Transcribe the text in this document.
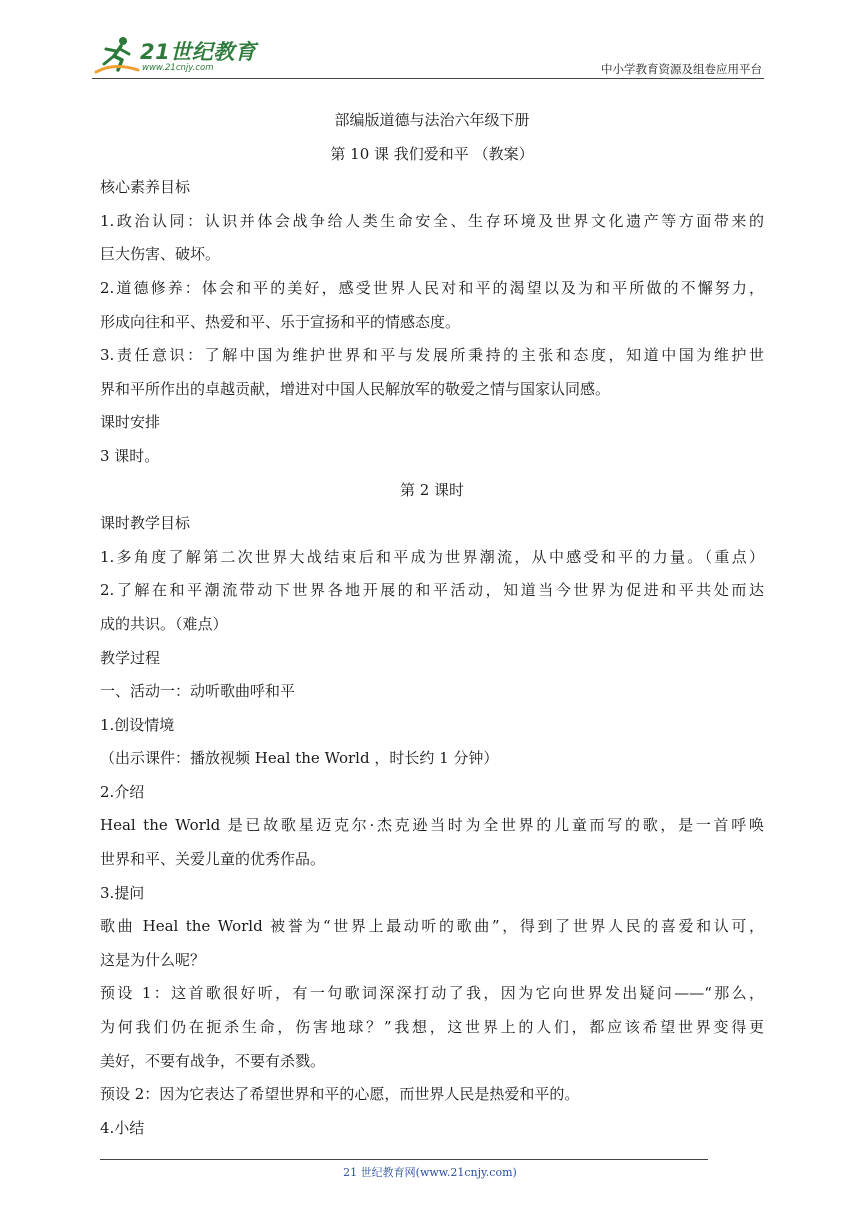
21世纪教育
www.21cnjy.com	中小学教育资源及组卷应用平台
部编版道德与法治六年级下册
第 10 课 我们爱和平 （教案）
核心素养目标
1.政治认同：认识并体会战争给人类生命安全、生存环境及世界文化遗产等方面带来的
巨大伤害、破坏。
2.道德修养：体会和平的美好，感受世界人民对和平的渴望以及为和平所做的不懈努力，
形成向往和平、热爱和平、乐于宣扬和平的情感态度。
3.责任意识：了解中国为维护世界和平与发展所秉持的主张和态度，知道中国为维护世
界和平所作出的卓越贡献，增进对中国人民解放军的敬爱之情与国家认同感。
课时安排
3 课时。
第 2 课时
课时教学目标
1.多角度了解第二次世界大战结束后和平成为世界潮流，从中感受和平的力量。（重点）
2.了解在和平潮流带动下世界各地开展的和平活动，知道当今世界为促进和平共处而达
成的共识。（难点）
教学过程
一、活动一：动听歌曲呼和平
1.创设情境
（出示课件：播放视频 Heal the World ，时长约 1 分钟）
2.介绍
Heal the World 是已故歌星迈克尔·杰克逊当时为全世界的儿童而写的歌，是一首呼唤
世界和平、关爱儿童的优秀作品。
3.提问
歌曲 Heal the World 被誉为“世界上最动听的歌曲”，得到了世界人民的喜爱和认可，
这是为什么呢？
预设 1：这首歌很好听，有一句歌词深深打动了我，因为它向世界发出疑问——“那么，
为何我们仍在扼杀生命，伤害地球？”我想，这世界上的人们，都应该希望世界变得更
美好，不要有战争，不要有杀戮。
预设 2：因为它表达了希望世界和平的心愿，而世界人民是热爱和平的。
4.小结
21 世纪教育网(www.21cnjy.com)
